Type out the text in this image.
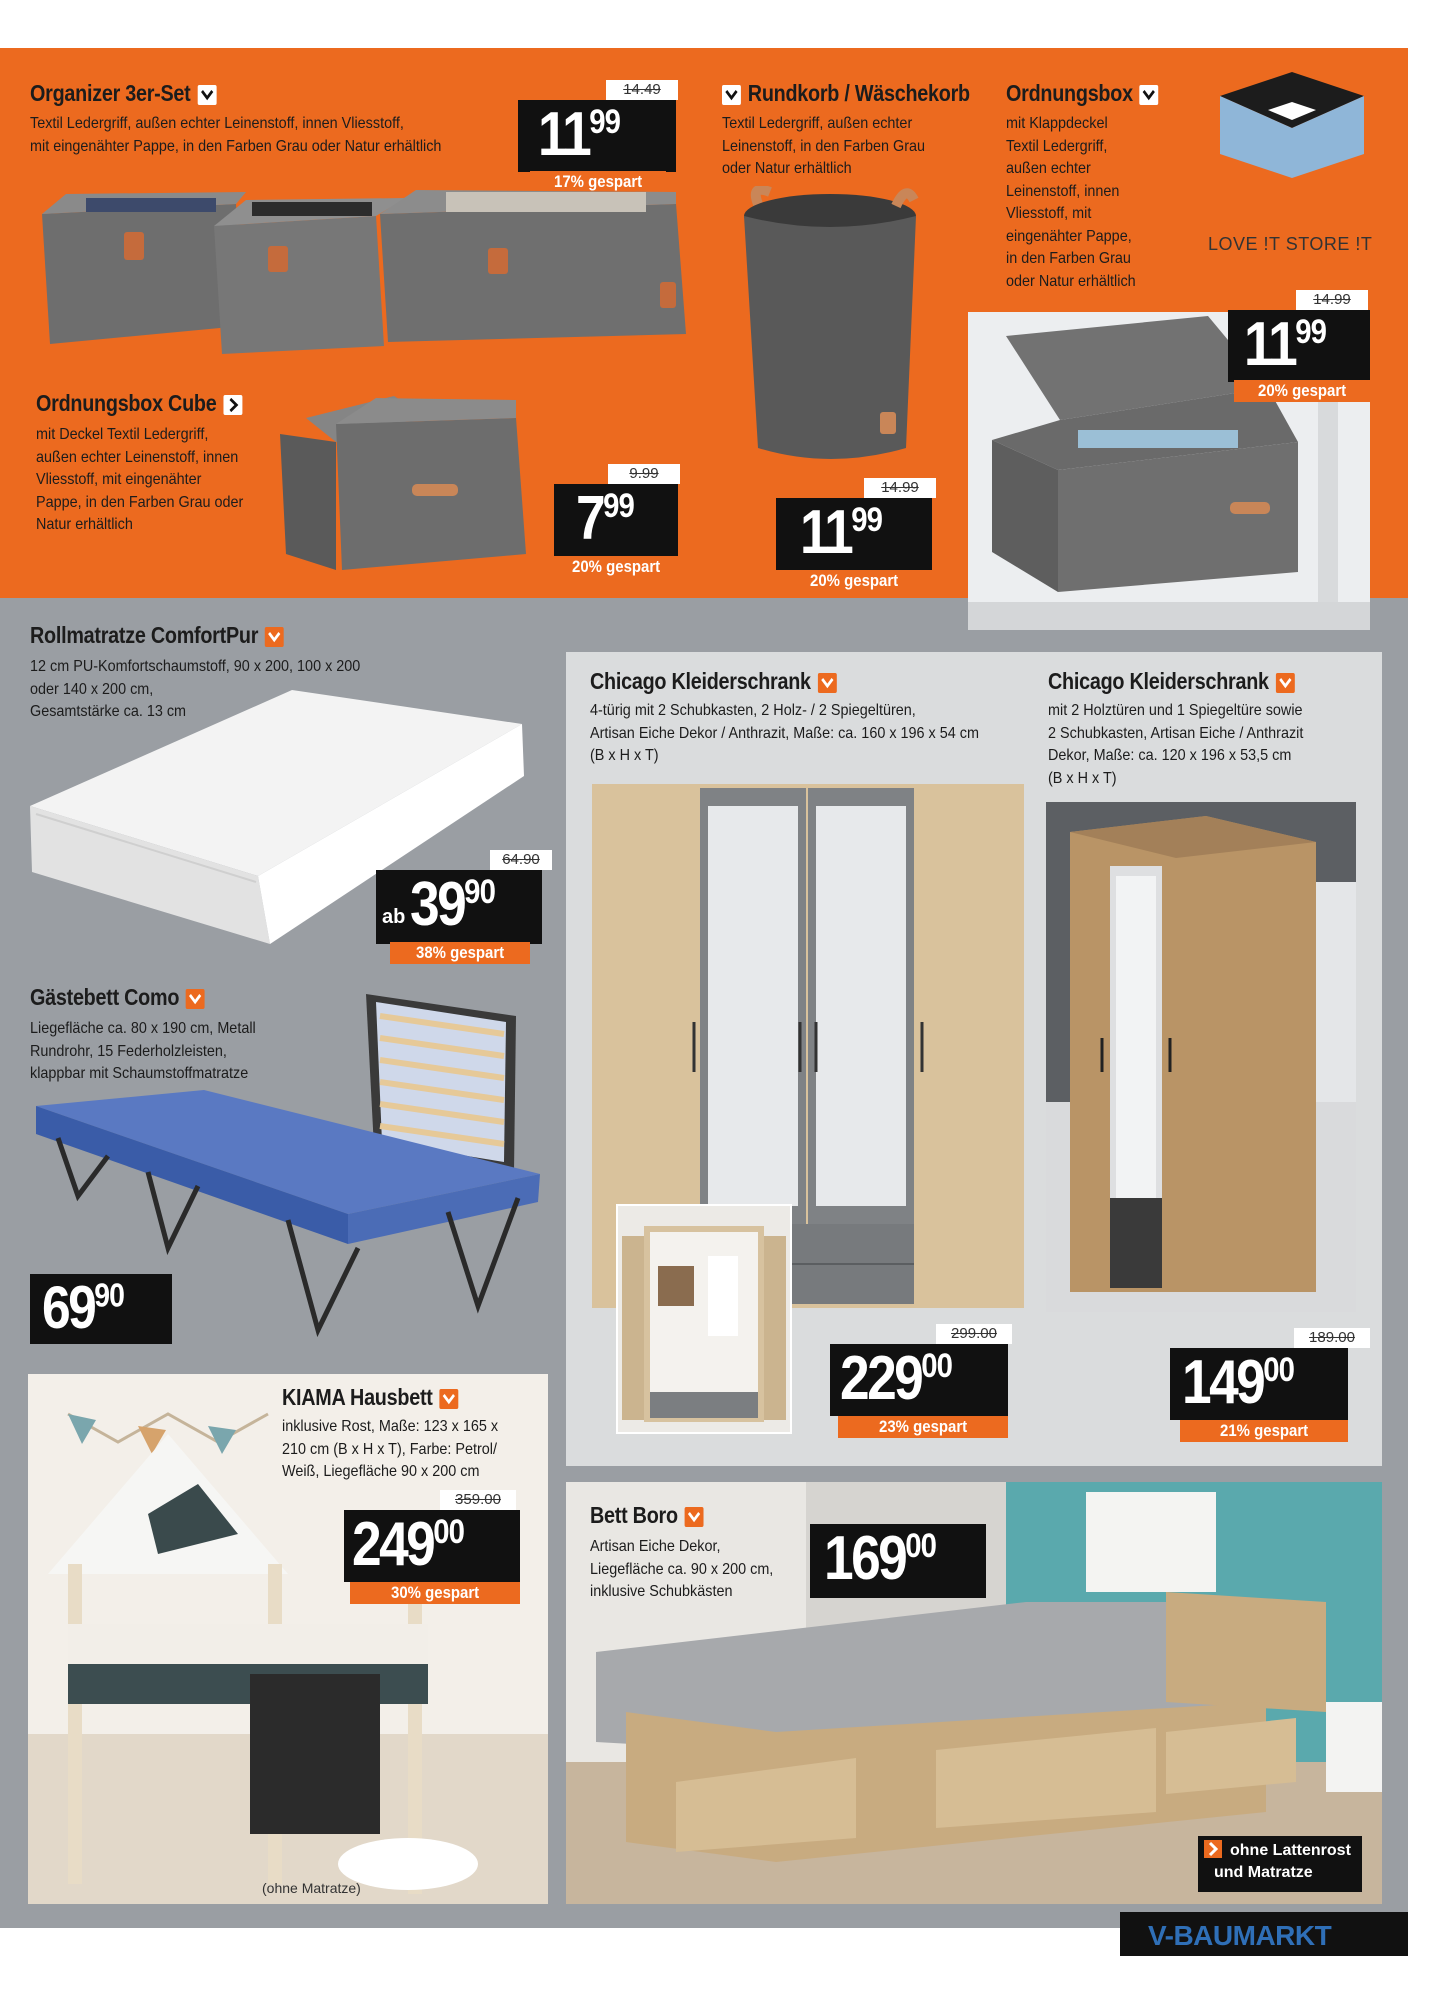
Organizer 3er-Set
Textil Ledergriff, außen echter Leinenstoff, innen Vliesstoff,
mit eingenähter Pappe, in den Farben Grau oder Natur erhältlich
14.49
$11^{99}$
17% gespart
Rundkorb / Wäschekorb
Textil Ledergriff, außen echter
Leinenstoff, in den Farben Grau
oder Natur erhältlich
14.99
$11^{99}$
20% gespart
Ordnungsbox
mit Klappdeckel
Textil Ledergriff,
außen echter
Leinenstoff, innen
Vliesstoff, mit
eingenähter Pappe,
in den Farben Grau
oder Natur erhältlich
LOVE !T STORE !T
14.99
$11^{99}$
20% gespart
Ordnungsbox Cube
mit Deckel Textil Ledergriff,
außen echter Leinenstoff, innen
Vliesstoff, mit eingenähter
Pappe, in den Farben Grau oder
Natur erhältlich
9.99
$7^{99}$
20% gespart
Rollmatratze ComfortPur
12 cm PU-Komfortschaumstoff, 90 x 200, 100 x 200
oder 140 x 200 cm,
Gesamtstärke ca. 13 cm
64.90
ab $39^{90}$
38% gespart
Gästebett Como
Liegefläche ca. 80 x 190 cm, Metall
Rundrohr, 15 Federholzleisten,
klappbar mit Schaumstoffmatratze
$69^{90}$
Chicago Kleiderschrank
4-türig mit 2 Schubkasten, 2 Holz- / 2 Spiegeltüren,
Artisan Eiche Dekor / Anthrazit, Maße: ca. 160 x 196 x 54 cm
(B x H x T)
299.00
$229^{00}$
23% gespart
Chicago Kleiderschrank
mit 2 Holztüren und 1 Spiegeltüre sowie
2 Schubkasten, Artisan Eiche / Anthrazit
Dekor, Maße: ca. 120 x 196 x 53,5 cm
(B x H x T)
189.00
$149^{00}$
21% gespart
KIAMA Hausbett
inklusive Rost, Maße: 123 x 165 x
210 cm (B x H x T), Farbe: Petrol/
Weiß, Liegefläche 90 x 200 cm
359.00
$249^{00}$
30% gespart
(ohne Matratze)
Bett Boro
Artisan Eiche Dekor,
Liegefläche ca. 90 x 200 cm,
inklusive Schubkästen	$169^{00}$
ohne Lattenrost
und Matratze
V-BAUMARKT
